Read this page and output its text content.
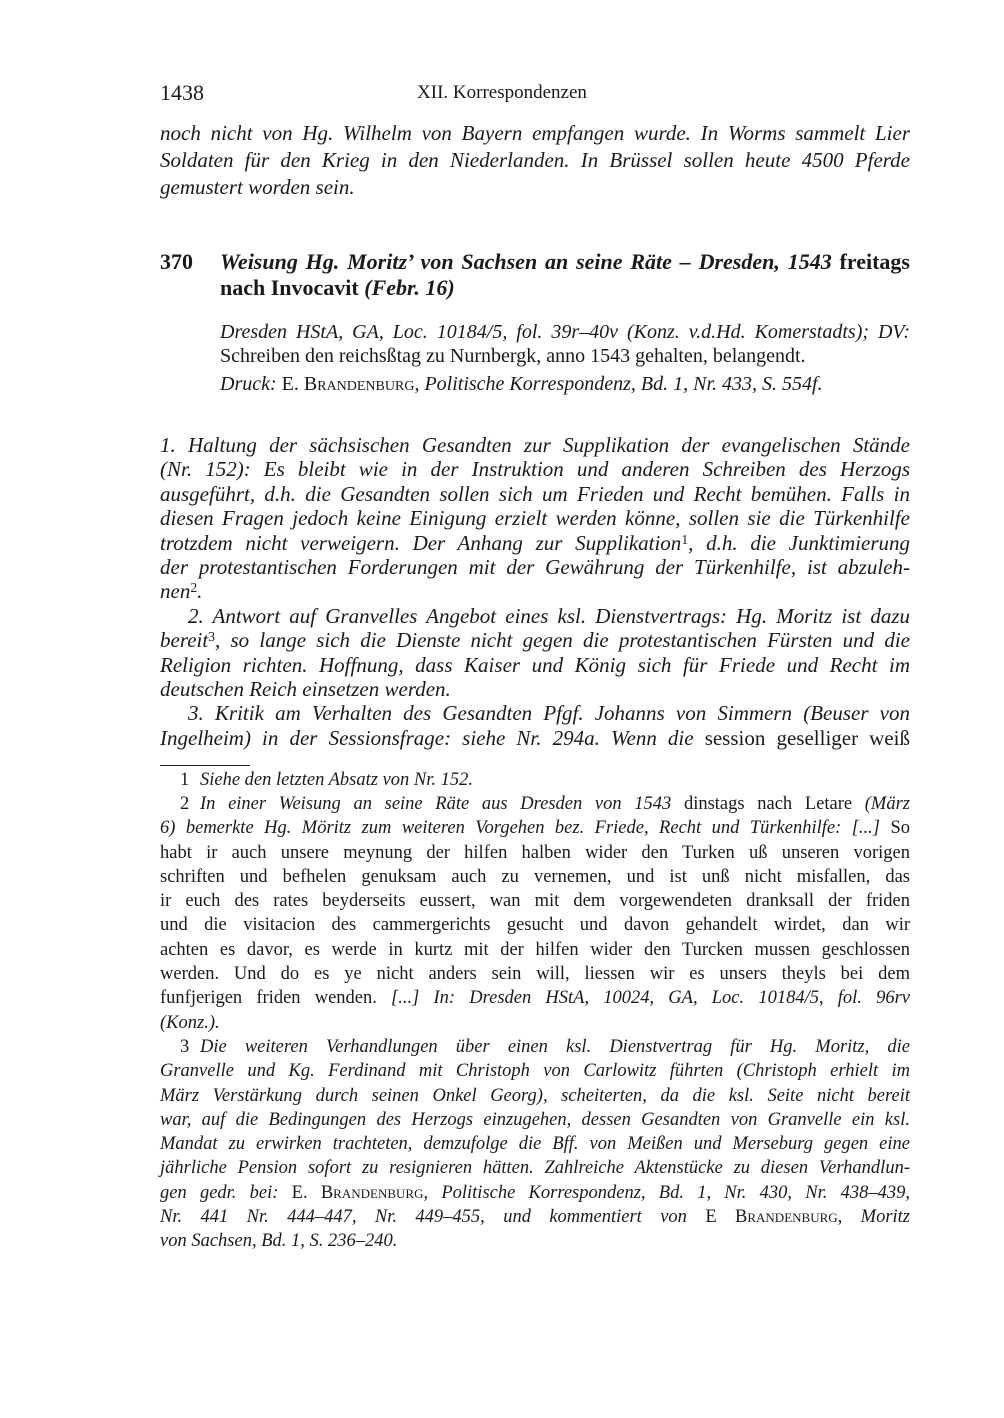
1438	XII. Korrespondenzen
noch nicht von Hg. Wilhelm von Bayern empfangen wurde. In Worms sammelt Lier
Soldaten für den Krieg in den Niederlanden. In Brüssel sollen heute 4500 Pferde
gemustert worden sein.
370 Weisung Hg. Moritz’ von Sachsen an seine Räte – Dresden, 1543 freitags
nach Invocavit (Febr. 16)
Dresden HStA, GA, Loc. 10184/5, fol. 39r–40v (Konz. v.d.Hd. Komerstadts); DV:
Schreiben den reichsßtag zu Nurnbergk, anno 1543 gehalten, belangendt.
Druck: E. Brandenburg, Politische Korrespondenz, Bd. 1, Nr. 433, S. 554f.
1. Haltung der sächsischen Gesandten zur Supplikation der evangelischen Stände
(Nr. 152): Es bleibt wie in der Instruktion und anderen Schreiben des Herzogs
ausgeführt, d.h. die Gesandten sollen sich um Frieden und Recht bemühen. Falls in
diesen Fragen jedoch keine Einigung erzielt werden könne, sollen sie die Türkenhilfe
trotzdem nicht verweigern. Der Anhang zur Supplikation$^1$, d.h. die Junktimierung
der protestantischen Forderungen mit der Gewährung der Türkenhilfe, ist abzuleh-
nen$^2$.
2. Antwort auf Granvelles Angebot eines ksl. Dienstvertrags: Hg. Moritz ist dazu
bereit$^3$, so lange sich die Dienste nicht gegen die protestantischen Fürsten und die
Religion richten. Hoffnung, dass Kaiser und König sich für Friede und Recht im
deutschen Reich einsetzen werden.
3. Kritik am Verhalten des Gesandten Pfgf. Johanns von Simmern (Beuser von
Ingelheim) in der Sessionsfrage: siehe Nr. 294a. Wenn die session geselliger weiß
1 Siehe den letzten Absatz von Nr. 152.
2 In einer Weisung an seine Räte aus Dresden von 1543 dinstags nach Letare (März
6) bemerkte Hg. Möritz zum weiteren Vorgehen bez. Friede, Recht und Türkenhilfe: [...] So
habt ir auch unsere meynung der hilfen halben wider den Turken uß unseren vorigen
schriften und befhelen genuksam auch zu vernemen, und ist unß nicht misfallen, das
ir euch des rates beyderseits eussert, wan mit dem vorgewendeten dranksall der friden
und die visitacion des cammergerichts gesucht und davon gehandelt wirdet, dan wir
achten es davor, es werde in kurtz mit der hilfen wider den Turcken mussen geschlossen
werden. Und do es ye nicht anders sein will, liessen wir es unsers theyls bei dem
funfjerigen friden wenden. [...] In: Dresden HStA, 10024, GA, Loc. 10184/5, fol. 96rv
(Konz.).
3 Die weiteren Verhandlungen über einen ksl. Dienstvertrag für Hg. Moritz, die
Granvelle und Kg. Ferdinand mit Christoph von Carlowitz führten (Christoph erhielt im
März Verstärkung durch seinen Onkel Georg), scheiterten, da die ksl. Seite nicht bereit
war, auf die Bedingungen des Herzogs einzugehen, dessen Gesandten von Granvelle ein ksl.
Mandat zu erwirken trachteten, demzufolge die Bff. von Meißen und Merseburg gegen eine
jährliche Pension sofort zu resignieren hätten. Zahlreiche Aktenstücke zu diesen Verhandlun-
gen gedr. bei: E. Brandenburg, Politische Korrespondenz, Bd. 1, Nr. 430, Nr. 438–439,
Nr. 441 Nr. 444–447, Nr. 449–455, und kommentiert von E Brandenburg, Moritz
von Sachsen, Bd. 1, S. 236–240.
